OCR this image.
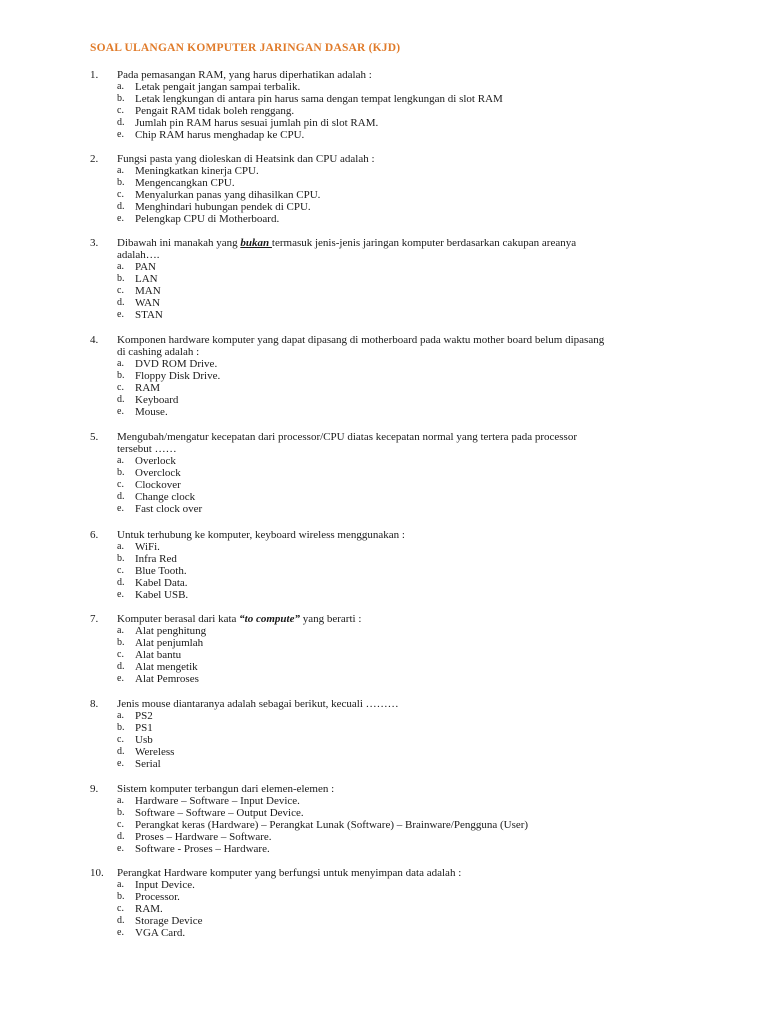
SOAL ULANGAN KOMPUTER JARINGAN DASAR (KJD)
1. Pada pemasangan RAM, yang harus diperhatikan adalah :
a. Letak pengait jangan sampai terbalik.
b. Letak lengkungan di antara pin harus sama dengan tempat lengkungan di slot RAM
c. Pengait RAM tidak boleh renggang.
d. Jumlah pin RAM harus sesuai jumlah pin di slot RAM.
e. Chip RAM harus menghadap ke CPU.
2. Fungsi pasta yang dioleskan di Heatsink dan CPU adalah :
a. Meningkatkan kinerja CPU.
b. Mengencangkan CPU.
c. Menyalurkan panas yang dihasilkan CPU.
d. Menghindari hubungan pendek di CPU.
e. Pelengkap CPU di Motherboard.
3. Dibawah ini manakah yang bukan termasuk jenis-jenis jaringan komputer berdasarkan cakupan areanya
adalah….
a. PAN
b. LAN
c. MAN
d. WAN
e. STAN
4. Komponen hardware komputer yang dapat dipasang di motherboard pada waktu mother board belum dipasang
di cashing adalah :
a. DVD ROM Drive.
b. Floppy Disk Drive.
c. RAM
d. Keyboard
e. Mouse.
5. Mengubah/mengatur kecepatan dari processor/CPU diatas kecepatan normal yang tertera pada processor
tersebut ……
a. Overlock
b. Overclock
c. Clockover
d. Change clock
e. Fast clock over
6. Untuk terhubung ke komputer, keyboard wireless menggunakan :
a. WiFi.
b. Infra Red
c. Blue Tooth.
d. Kabel Data.
e. Kabel USB.
7. Komputer berasal dari kata “to compute” yang berarti :
a. Alat penghitung
b. Alat penjumlah
c. Alat bantu
d. Alat mengetik
e. Alat Pemroses
8. Jenis mouse diantaranya adalah sebagai berikut, kecuali ………
a. PS2
b. PS1
c. Usb
d. Wereless
e. Serial
9. Sistem komputer terbangun dari elemen-elemen :
a. Hardware – Software – Input Device.
b. Software – Software – Output Device.
c. Perangkat keras (Hardware) – Perangkat Lunak (Software) – Brainware/Pengguna (User)
d. Proses – Hardware – Software.
e. Software - Proses – Hardware.
10. Perangkat Hardware komputer yang berfungsi untuk menyimpan data adalah :
a. Input Device.
b. Processor.
c. RAM.
d. Storage Device
e. VGA Card.
